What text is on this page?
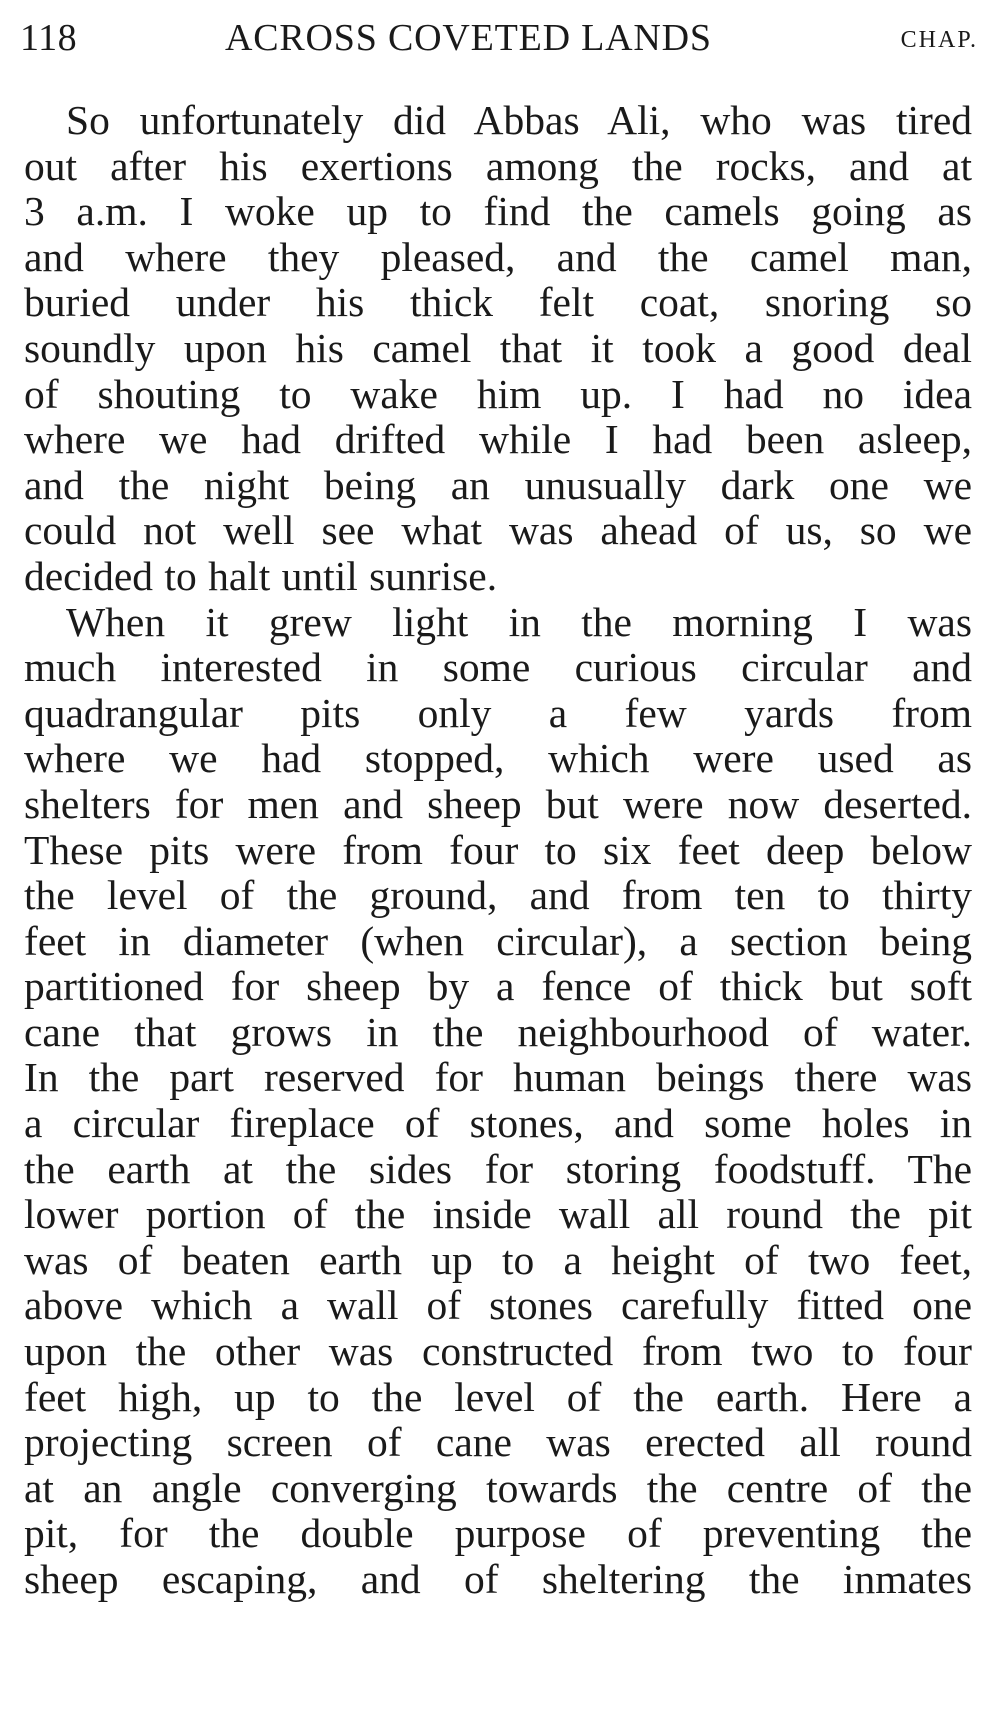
118	ACROSS COVETED LANDS	CHAP.
So unfortunately did Abbas Ali, who was tired
out after his exertions among the rocks, and at
3 a.m. I woke up to find the camels going as
and where they pleased, and the camel man,
buried under his thick felt coat, snoring so
soundly upon his camel that it took a good deal
of shouting to wake him up. I had no idea
where we had drifted while I had been asleep,
and the night being an unusually dark one we
could not well see what was ahead of us, so we
decided to halt until sunrise.
When it grew light in the morning I was
much interested in some curious circular and
quadrangular pits only a few yards from
where we had stopped, which were used as
shelters for men and sheep but were now deserted.
These pits were from four to six feet deep below
the level of the ground, and from ten to thirty
feet in diameter (when circular), a section being
partitioned for sheep by a fence of thick but soft
cane that grows in the neighbourhood of water.
In the part reserved for human beings there was
a circular fireplace of stones, and some holes in
the earth at the sides for storing foodstuff. The
lower portion of the inside wall all round the pit
was of beaten earth up to a height of two feet,
above which a wall of stones carefully fitted one
upon the other was constructed from two to four
feet high, up to the level of the earth. Here a
projecting screen of cane was erected all round
at an angle converging towards the centre of the
pit, for the double purpose of preventing the
sheep escaping, and of sheltering the inmates
